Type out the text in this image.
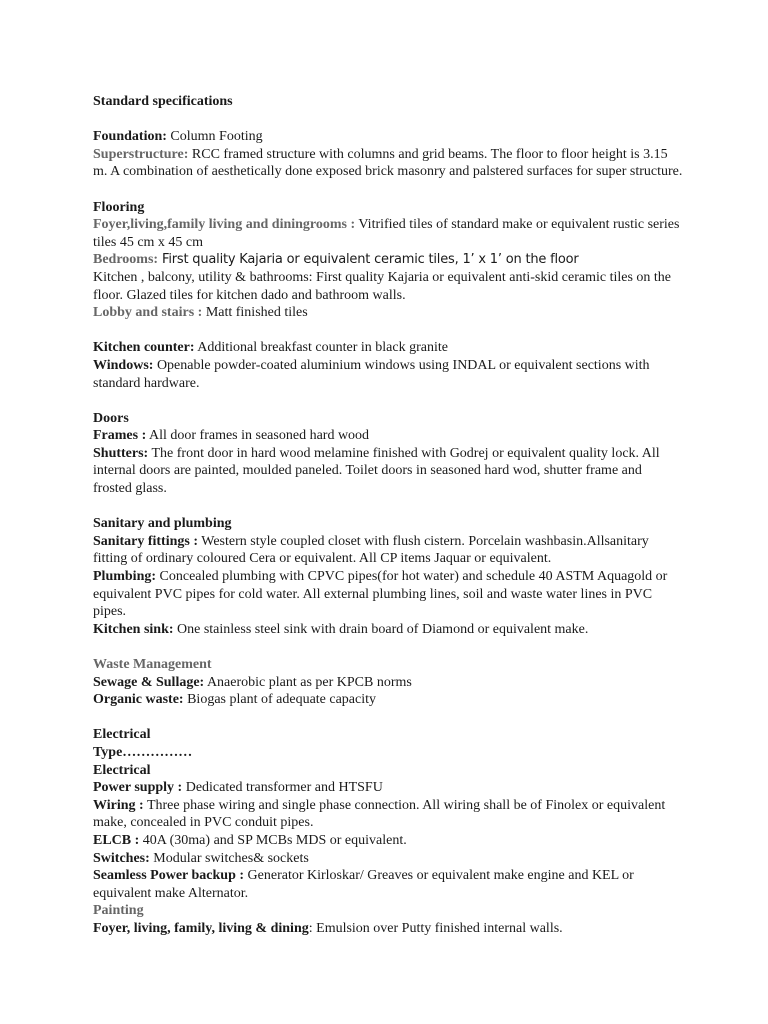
Standard specifications
Foundation: Column Footing
Superstructure: RCC framed structure with columns and grid beams. The floor to floor height is 3.15 m. A combination of aesthetically done exposed brick masonry and palstered surfaces for super structure.
Flooring
Foyer,living,family living and diningrooms : Vitrified tiles of standard make or equivalent rustic series tiles 45 cm x 45 cm
Bedrooms: First quality Kajaria or equivalent ceramic tiles, 1’ x 1’ on the floor
Kitchen , balcony, utility & bathrooms: First quality Kajaria or equivalent anti-skid ceramic tiles on the floor. Glazed tiles for kitchen dado and bathroom walls.
Lobby and stairs : Matt finished tiles
Kitchen counter: Additional breakfast counter in black granite
Windows: Openable powder-coated aluminium windows using INDAL or equivalent sections with standard hardware.
Doors
Frames : All door frames in seasoned hard wood
Shutters: The front door in hard wood melamine finished with Godrej or equivalent quality lock. All internal doors are painted, moulded paneled. Toilet doors in seasoned hard wod, shutter frame and frosted glass.
Sanitary and plumbing
Sanitary fittings : Western style coupled closet with flush cistern. Porcelain washbasin.Allsanitary fitting of ordinary coloured Cera or equivalent. All CP items Jaquar or equivalent.
Plumbing: Concealed plumbing with CPVC pipes(for hot water) and schedule 40 ASTM Aquagold or equivalent PVC pipes for cold water. All external plumbing lines, soil and waste water lines in PVC pipes.
Kitchen sink: One stainless steel sink with drain board of Diamond or equivalent make.
Waste Management
Sewage & Sullage: Anaerobic plant as per KPCB norms
Organic waste: Biogas plant of adequate capacity
Electrical
Type……………
Electrical
Power supply : Dedicated transformer and HTSFU
Wiring : Three phase wiring and single phase connection. All wiring shall be of Finolex or equivalent make, concealed in PVC conduit pipes.
ELCB : 40A (30ma) and SP MCBs MDS or equivalent.
Switches: Modular switches& sockets
Seamless Power backup : Generator Kirloskar/ Greaves or equivalent make engine and KEL or equivalent make Alternator.
Painting
Foyer, living, family, living & dining: Emulsion over Putty finished internal walls.
